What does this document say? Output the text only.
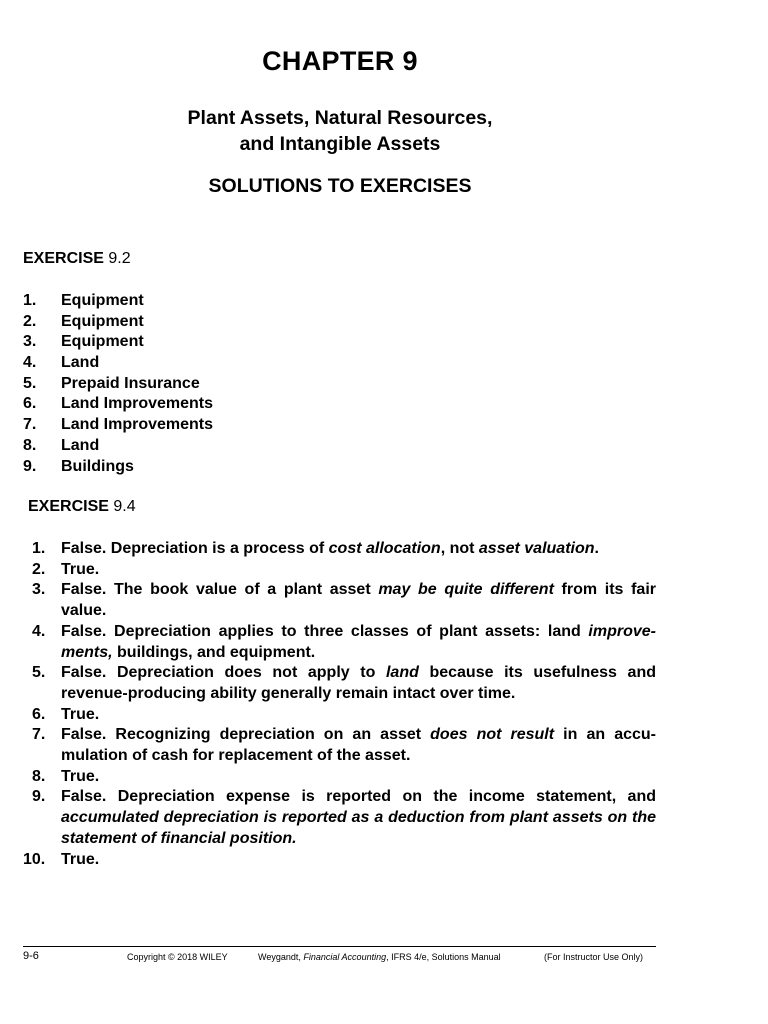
CHAPTER 9
Plant Assets, Natural Resources,
and Intangible Assets
SOLUTIONS TO EXERCISES
EXERCISE 9.2
1. Equipment
2. Equipment
3. Equipment
4. Land
5. Prepaid Insurance
6. Land Improvements
7. Land Improvements
8. Land
9. Buildings
EXERCISE 9.4
1. False. Depreciation is a process of cost allocation, not asset valuation.
2. True.
3. False. The book value of a plant asset may be quite different from its fair value.
4. False. Depreciation applies to three classes of plant assets: land improvements, buildings, and equipment.
5. False. Depreciation does not apply to land because its usefulness and revenue-producing ability generally remain intact over time.
6. True.
7. False. Recognizing depreciation on an asset does not result in an accumulation of cash for replacement of the asset.
8. True.
9. False. Depreciation expense is reported on the income statement, and accumulated depreciation is reported as a deduction from plant assets on the statement of financial position.
10. True.
9-6	Copyright © 2018 WILEY	Weygandt, Financial Accounting, IFRS 4/e, Solutions Manual	(For Instructor Use Only)
